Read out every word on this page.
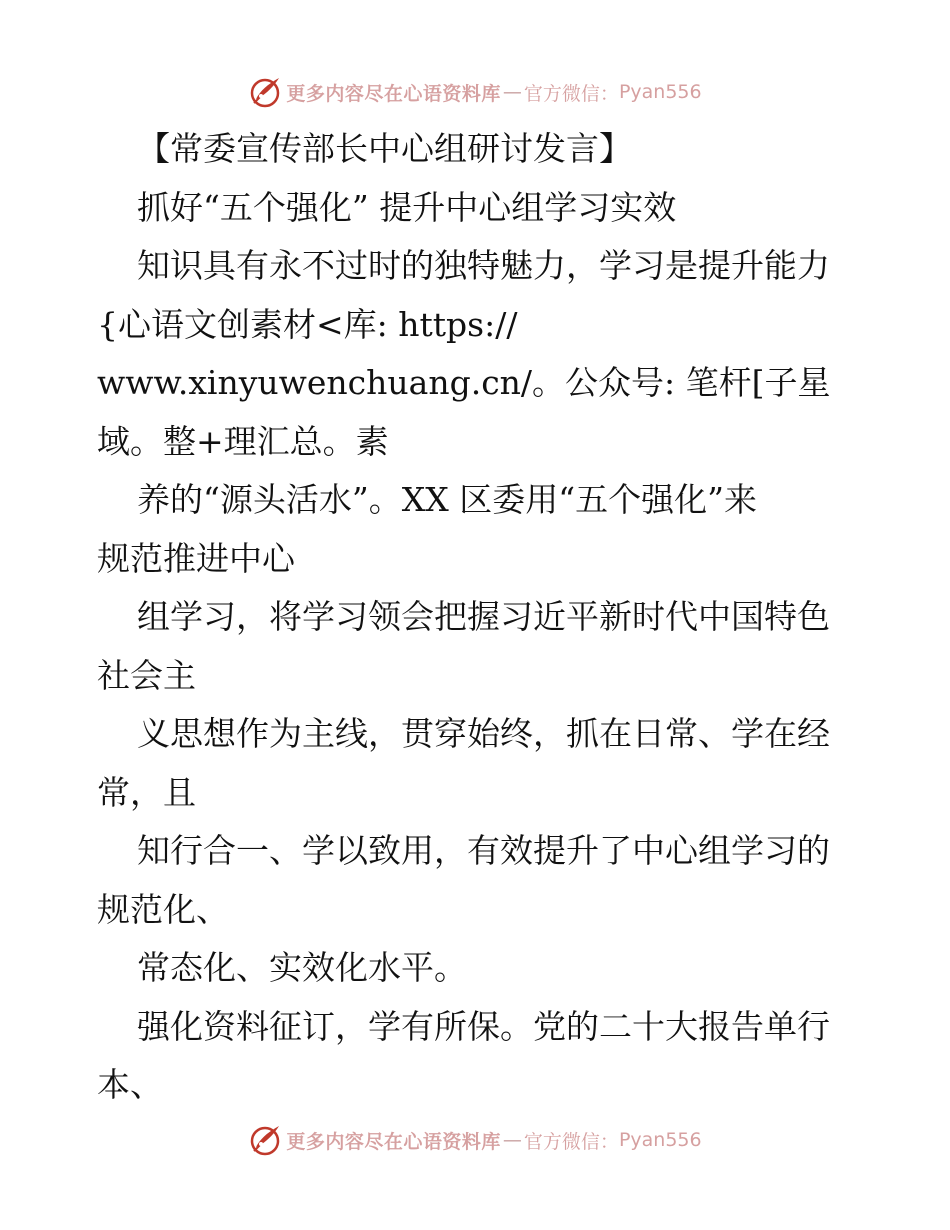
更多内容尽在心语资料库 — 官方微信： Pyan556
【常委宣传部长中心组研讨发言】
抓好“五个强化” 提升中心组学习实效
知识具有永不过时的独特魅力，学习是提升能力
{心语文创素材<库: https://
www.xinyuwenchuang.cn/。公众号: 笔杆[子星
域。整+理汇总。素
养的“源头活水”。XX 区委用“五个强化”来
规范推进中心
组学习，将学习领会把握习近平新时代中国特色
社会主
义思想作为主线，贯穿始终，抓在日常、学在经
常，且
知行合一、学以致用，有效提升了中心组学习的
规范化、
常态化、实效化水平。
强化资料征订，学有所保。党的二十大报告单行
本、
更多内容尽在心语资料库 — 官方微信： Pyan556
